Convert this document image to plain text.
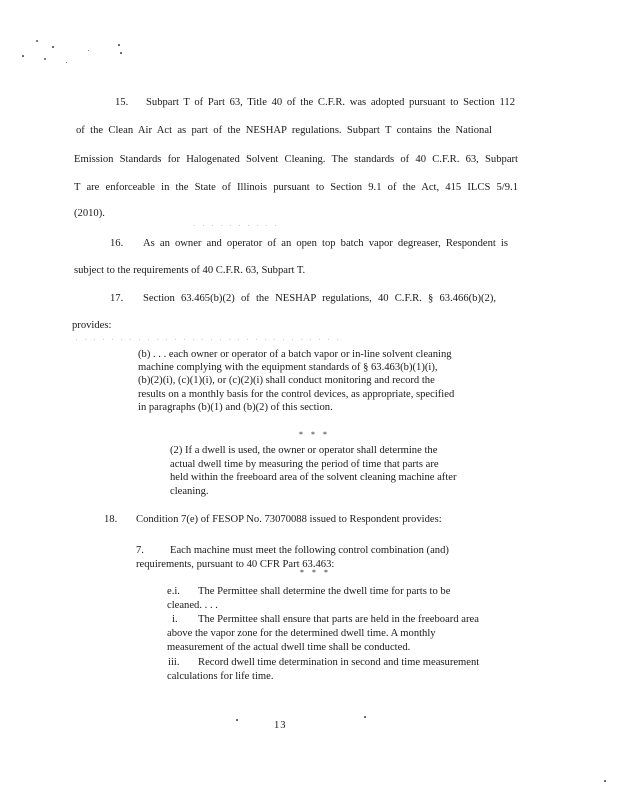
15. Subpart T of Part 63, Title 40 of the C.F.R. was adopted pursuant to Section 112
of the Clean Air Act as part of the NESHAP regulations. Subpart T contains the National
Emission Standards for Halogenated Solvent Cleaning. The standards of 40 C.F.R. 63, Subpart
T are enforceable in the State of Illinois pursuant to Section 9.1 of the Act, 415 ILCS 5/9.1
(2010).
16. As an owner and operator of an open top batch vapor degreaser, Respondent is
subject to the requirements of 40 C.F.R. 63, Subpart T.
17. Section 63.465(b)(2) of the NESHAP regulations, 40 C.F.R. § 63.466(b)(2),
provides:
(b) . . . each owner or operator of a batch vapor or in-line solvent cleaning
machine complying with the equipment standards of § 63.463(b)(1)(i),
(b)(2)(i), (c)(1)(i), or (c)(2)(i) shall conduct monitoring and record the
results on a monthly basis for the control devices, as appropriate, specified
in paragraphs (b)(1) and (b)(2) of this section.
* * *
(2) If a dwell is used, the owner or operator shall determine the
actual dwell time by measuring the period of time that parts are
held within the freeboard area of the solvent cleaning machine after
cleaning.
18. Condition 7(e) of FESOP No. 73070088 issued to Respondent provides:
7. Each machine must meet the following control combination (and)
requirements, pursuant to 40 CFR Part 63.463:
* * *
e.i. The Permittee shall determine the dwell time for parts to be
cleaned. . . .
i. The Permittee shall ensure that parts are held in the freeboard area
above the vapor zone for the determined dwell time. A monthly
measurement of the actual dwell time shall be conducted.
iii. Record dwell time determination in second and time measurement
calculations for life time.
13
